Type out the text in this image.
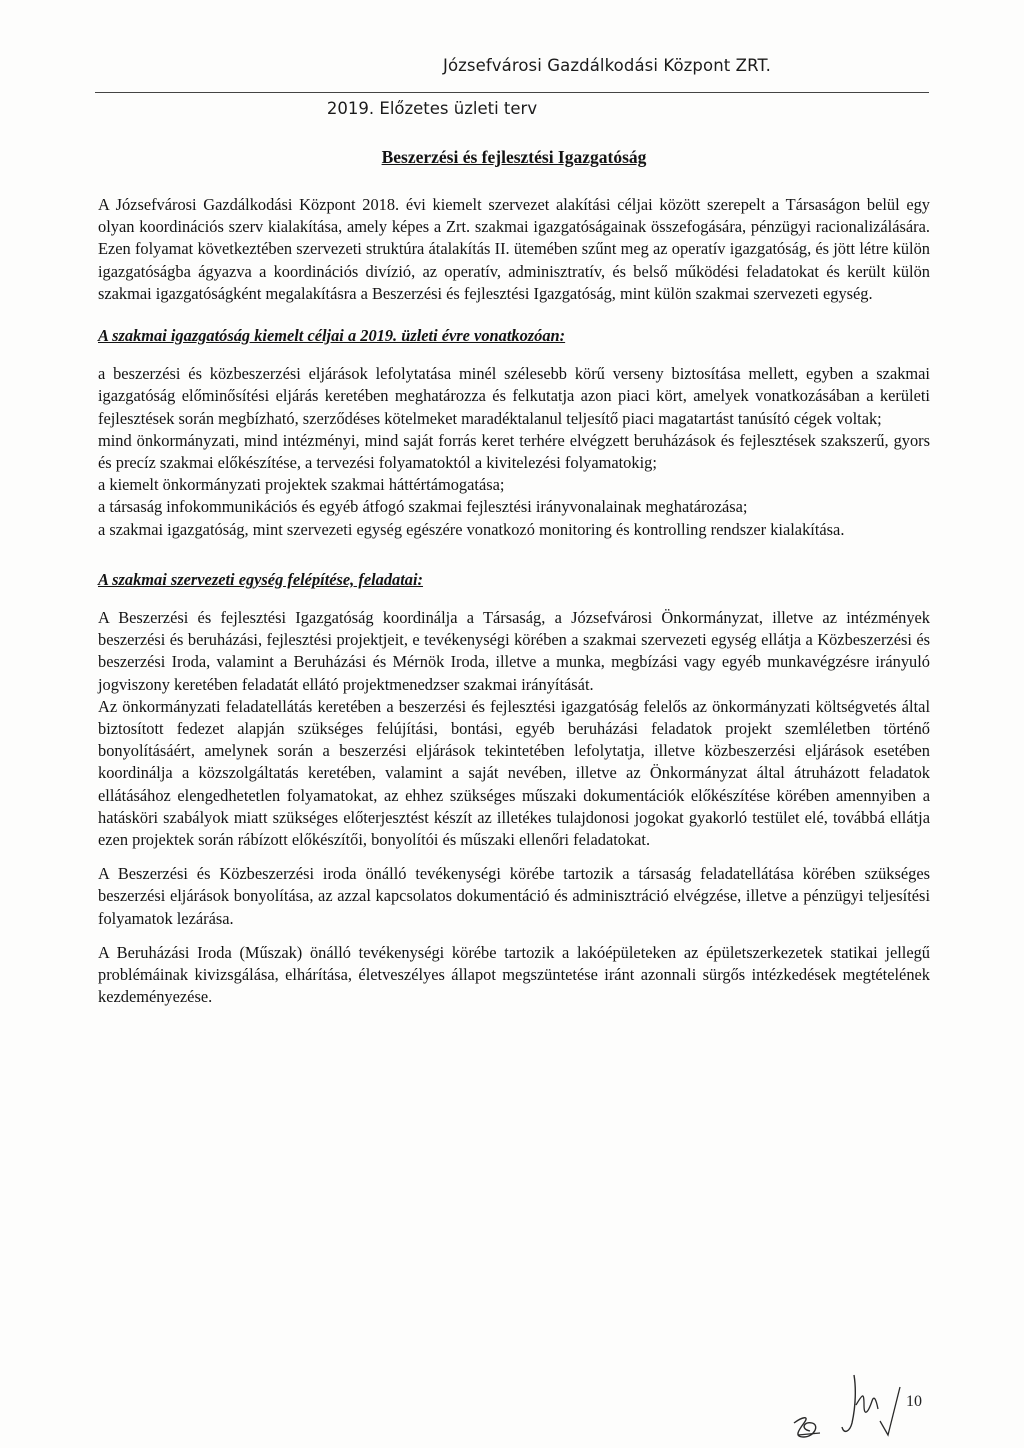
Józsefvárosi Gazdálkodási Központ ZRT.
2019. Előzetes üzleti terv
Beszerzési és fejlesztési Igazgatóság

A Józsefvárosi Gazdálkodási Központ 2018. évi kiemelt szervezet alakítási céljai között szerepelt a Társaságon belül egy olyan koordinációs szerv kialakítása, amely képes a Zrt. szakmai igazgatóságainak összefogására, pénzügyi racionalizálására. Ezen folyamat következtében szervezeti struktúra átalakítás II. ütemében szűnt meg az operatív igazgatóság, és jött létre külön igazgatóságba ágyazva a koordinációs divízió, az operatív, adminisztratív, és belső működési feladatokat és került külön szakmai igazgatóságként megalakításra a Beszerzési és fejlesztési Igazgatóság, mint külön szakmai szervezeti egység.

A szakmai igazgatóság kiemelt céljai a 2019. üzleti évre vonatkozóan:

a beszerzési és közbeszerzési eljárások lefolytatása minél szélesebb körű verseny biztosítása mellett, egyben a szakmai igazgatóság előminősítési eljárás keretében meghatározza és felkutatja azon piaci kört, amelyek vonatkozásában a kerületi fejlesztések során megbízható, szerződéses kötelmeket maradéktalanul teljesítő piaci magatartást tanúsító cégek voltak;

mind önkormányzati, mind intézményi, mind saját forrás keret terhére elvégzett beruházások és fejlesztések szakszerű, gyors és precíz szakmai előkészítése, a tervezési folyamatoktól a kivitelezési folyamatokig;

a kiemelt önkormányzati projektek szakmai háttértámogatása;

a társaság infokommunikációs és egyéb átfogó szakmai fejlesztési irányvonalainak meghatározása;

a szakmai igazgatóság, mint szervezeti egység egészére vonatkozó monitoring és kontrolling rendszer kialakítása.

A szakmai szervezeti egység felépítése, feladatai:

A Beszerzési és fejlesztési Igazgatóság koordinálja a Társaság, a Józsefvárosi Önkormányzat, illetve az intézmények beszerzési és beruházási, fejlesztési projektjeit, e tevékenységi körében a szakmai szervezeti egység ellátja a Közbeszerzési és beszerzési Iroda, valamint a Beruházási és Mérnök Iroda, illetve a munka, megbízási vagy egyéb munkavégzésre irányuló jogviszony keretében feladatát ellátó projektmenedzser szakmai irányítását.

Az önkormányzati feladatellátás keretében a beszerzési és fejlesztési igazgatóság felelős az önkormányzati költségvetés által biztosított fedezet alapján szükséges felújítási, bontási, egyéb beruházási feladatok projekt szemléletben történő bonyolításáért, amelynek során a beszerzési eljárások tekintetében lefolytatja, illetve közbeszerzési eljárások esetében koordinálja a közszolgáltatás keretében, valamint a saját nevében, illetve az Önkormányzat által átruházott feladatok ellátásához elengedhetetlen folyamatokat, az ehhez szükséges műszaki dokumentációk előkészítése körében amennyiben a hatásköri szabályok miatt szükséges előterjesztést készít az illetékes tulajdonosi jogokat gyakorló testület elé, továbbá ellátja ezen projektek során rábízott előkészítői, bonyolítói és műszaki ellenőri feladatokat.

A Beszerzési és Közbeszerzési iroda önálló tevékenységi körébe tartozik a társaság feladatellátása körében szükséges beszerzési eljárások bonyolítása, az azzal kapcsolatos dokumentáció és adminisztráció elvégzése, illetve a pénzügyi teljesítési folyamatok lezárása.

A Beruházási Iroda (Műszak) önálló tevékenységi körébe tartozik a lakóépületeken az épületszerkezetek statikai jellegű problémáinak kivizsgálása, elhárítása, életveszélyes állapot megszüntetése iránt azonnali sürgős intézkedések megtételének kezdeményezése.

10
